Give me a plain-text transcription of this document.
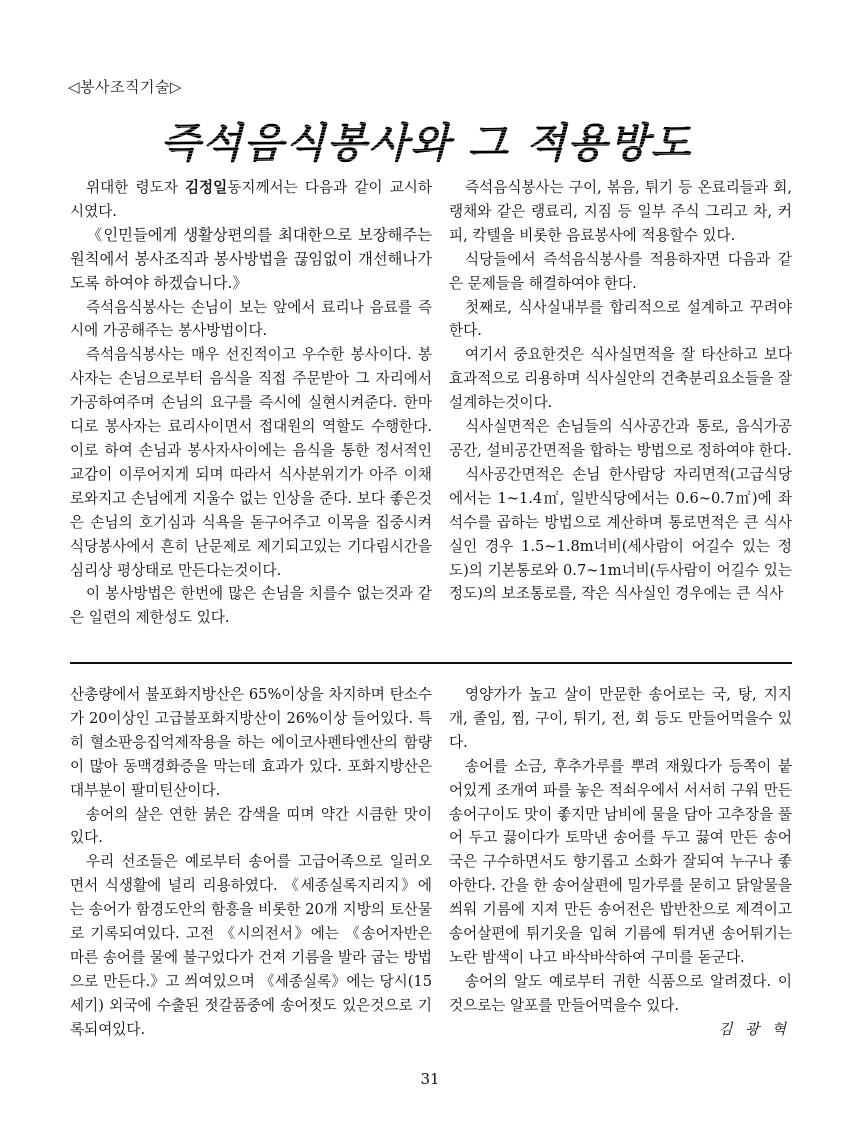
◁봉사조직기술▷
즉석음식봉사와 그 적용방도

위대한 령도자 김정일동지께서는 다음과 같이 교시하시였다.

《인민들에게 생활상편의를 최대한으로 보장해주는 원칙에서 봉사조직과 봉사방법을 끊임없이 개선해나가도록 하여야 하겠습니다.》

즉석음식봉사는 손님이 보는 앞에서 료리나 음료를 즉시에 가공해주는 봉사방법이다.

즉석음식봉사는 매우 선진적이고 우수한 봉사이다. 봉사자는 손님으로부터 음식을 직접 주문받아 그 자리에서 가공하여주며 손님의 요구를 즉시에 실현시켜준다. 한마디로 봉사자는 료리사이면서 접대원의 역할도 수행한다. 이로 하여 손님과 봉사자사이에는 음식을 통한 정서적인 교감이 이루어지게 되며 따라서 식사분위기가 아주 이채로와지고 손님에게 지울수 없는 인상을 준다. 보다 좋은것은 손님의 호기심과 식욕을 돋구어주고 이목을 집중시켜 식당봉사에서 흔히 난문제로 제기되고있는 기다림시간을 심리상 평상태로 만든다는것이다.

이 봉사방법은 한번에 많은 손님을 치를수 없는것과 같은 일련의 제한성도 있다.

즉석음식봉사는 구이, 볶음, 튀기 등 온료리들과 회, 랭채와 같은 랭료리, 지짐 등 일부 주식 그리고 차, 커피, 칵텔을 비롯한 음료봉사에 적용할수 있다.

식당들에서 즉석음식봉사를 적용하자면 다음과 같은 문제들을 해결하여야 한다.

첫째로, 식사실내부를 합리적으로 설계하고 꾸려야 한다.

여기서 중요한것은 식사실면적을 잘 타산하고 보다 효과적으로 리용하며 식사실안의 건축분리요소들을 잘 설계하는것이다.

식사실면적은 손님들의 식사공간과 통로, 음식가공공간, 설비공간면적을 합하는 방법으로 정하여야 한다.

식사공간면적은 손님 한사람당 자리면적(고급식당에서는 1~1.4㎡, 일반식당에서는 0.6~0.7㎡)에 좌석수를 곱하는 방법으로 계산하며 통로면적은 큰 식사실인 경우 1.5~1.8m너비(세사람이 어길수 있는 정도)의 기본통로와 0.7~1m너비(두사람이 어길수 있는 정도)의 보조통로를, 작은 식사실인 경우에는 큰 식사

산총량에서 불포화지방산은 65%이상을 차지하며 탄소수가 20이상인 고급불포화지방산이 26%이상 들어있다. 특히 혈소판응집억제작용을 하는 에이코사펜타엔산의 함량이 많아 동맥경화증을 막는데 효과가 있다. 포화지방산은 대부분이 팔미틴산이다.

송어의 살은 연한 붉은 감색을 띠며 약간 시큼한 맛이 있다.

우리 선조들은 예로부터 송어를 고급어족으로 일러오면서 식생활에 널리 리용하였다. 《세종실록지리지》에는 송어가 함경도안의 함흥을 비롯한 20개 지방의 토산물로 기록되여있다. 고전 《시의전서》에는 《송어자반은 마른 송어를 물에 불구었다가 건져 기름을 발라 굽는 방법으로 만든다.》고 씌여있으며 《세종실록》에는 당시(15세기) 외국에 수출된 젓갈품중에 송어젓도 있은것으로 기록되여있다.

영양가가 높고 살이 만문한 송어로는 국, 탕, 지지개, 졸임, 찜, 구이, 튀기, 전, 회 등도 만들어먹을수 있다.

송어를 소금, 후추가루를 뿌려 재웠다가 등쪽이 붙어있게 조개여 파를 놓은 적쇠우에서 서서히 구워 만든 송어구이도 맛이 좋지만 남비에 물을 담아 고추장을 풀어 두고 끓이다가 토막낸 송어를 두고 끓여 만든 송어국은 구수하면서도 향기롭고 소화가 잘되여 누구나 좋아한다. 간을 한 송어살편에 밀가루를 묻히고 닭알물을 씌워 기름에 지져 만든 송어전은 밥반찬으로 제격이고 송어살편에 튀기옷을 입혀 기름에 튀겨낸 송어튀기는 노란 밤색이 나고 바삭바삭하여 구미를 돋군다.

송어의 알도 예로부터 귀한 식품으로 알려졌다. 이것으로는 알포를 만들어먹을수 있다.

김 광 혁

31
